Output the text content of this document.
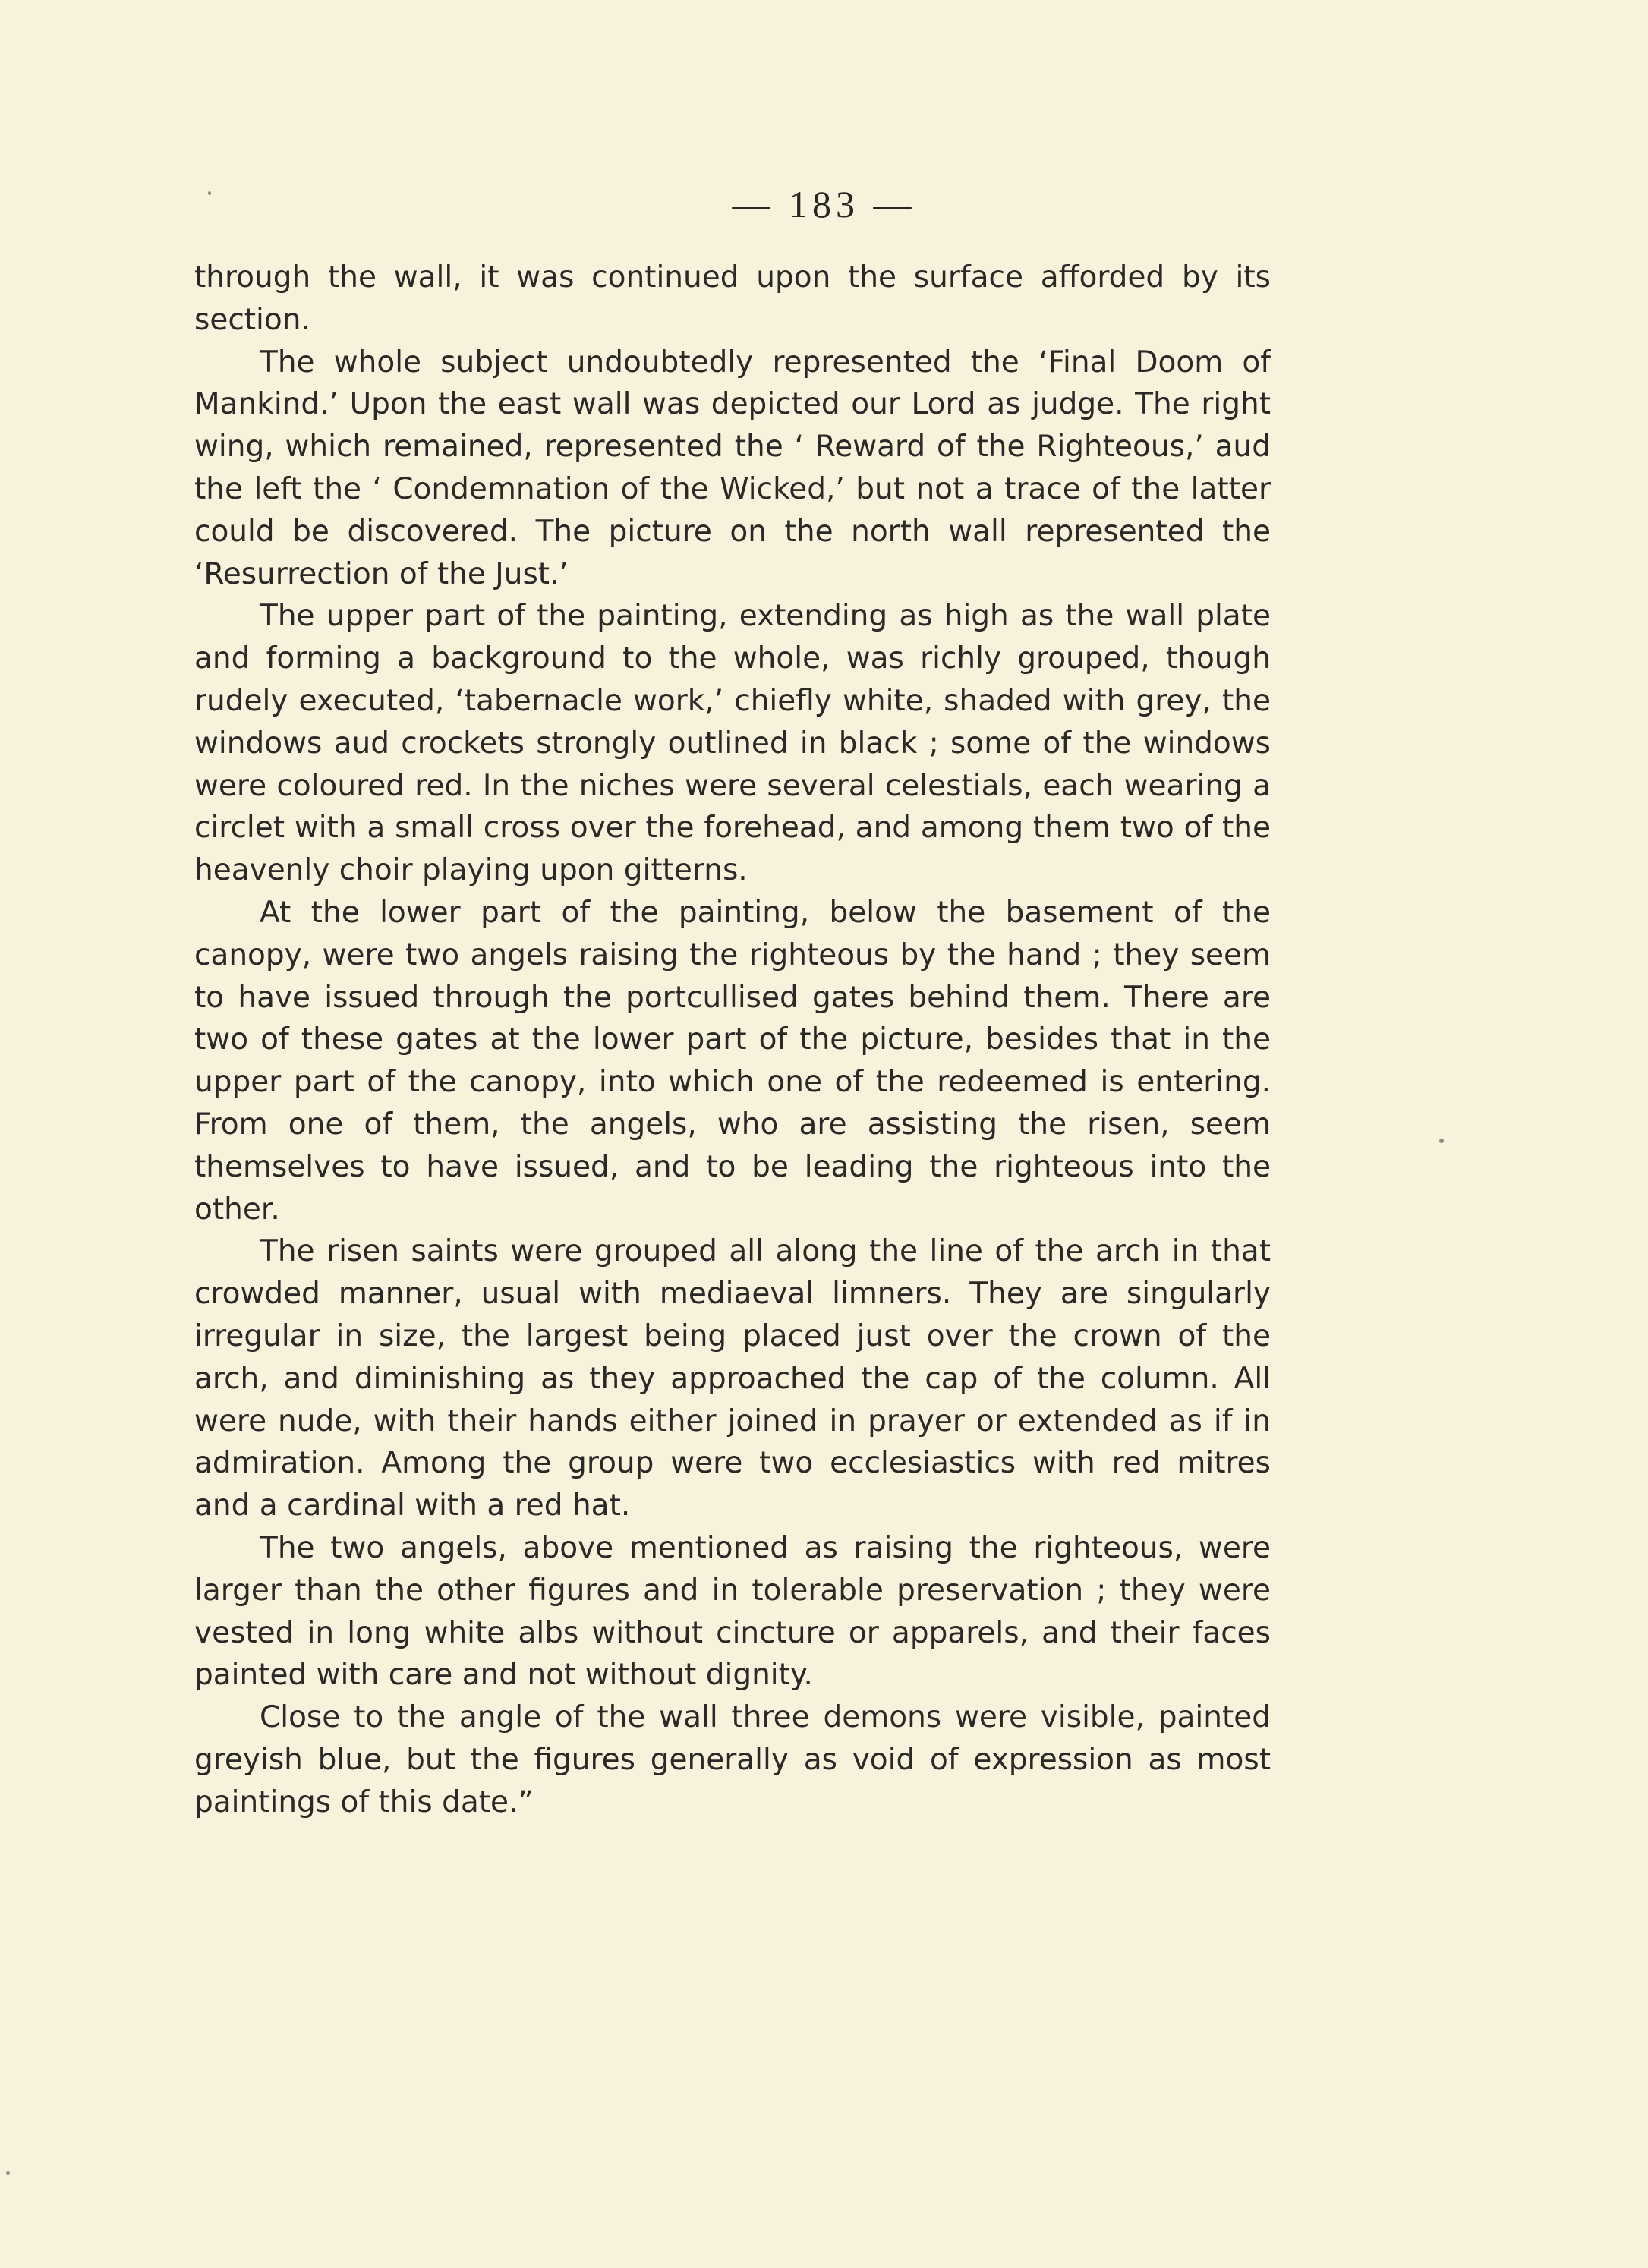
— 183 —

through the wall, it was continued upon the surface afforded by its section.

The whole subject undoubtedly represented the ‘Final Doom of Mankind.’ Upon the east wall was depicted our Lord as judge. The right wing, which remained, represented the ‘ Reward of the Righteous,’ aud the left the ‘ Condemnation of the Wicked,’ but not a trace of the latter could be discovered. The picture on the north wall represented the ‘Resurrection of the Just.’

The upper part of the painting, extending as high as the wall plate and forming a background to the whole, was richly grouped, though rudely executed, ‘tabernacle work,’ chiefly white, shaded with grey, the windows aud crockets strongly outlined in black ; some of the windows were coloured red. In the niches were several celestials, each wearing a circlet with a small cross over the forehead, and among them two of the heavenly choir playing upon gitterns.

At the lower part of the painting, below the basement of the canopy, were two angels raising the righteous by the hand ; they seem to have issued through the portcullised gates behind them. There are two of these gates at the lower part of the picture, besides that in the upper part of the canopy, into which one of the redeemed is entering. From one of them, the angels, who are assisting the risen, seem themselves to have issued, and to be leading the righteous into the other.

The risen saints were grouped all along the line of the arch in that crowded manner, usual with mediaeval limners. They are singularly irregular in size, the largest being placed just over the crown of the arch, and diminishing as they approached the cap of the column. All were nude, with their hands either joined in prayer or extended as if in admiration. Among the group were two ecclesiastics with red mitres and a cardinal with a red hat.

The two angels, above mentioned as raising the righteous, were larger than the other figures and in tolerable preservation ; they were vested in long white albs without cincture or apparels, and their faces painted with care and not without dignity.

Close to the angle of the wall three demons were visible, painted greyish blue, but the figures generally as void of expression as most paintings of this date.”
